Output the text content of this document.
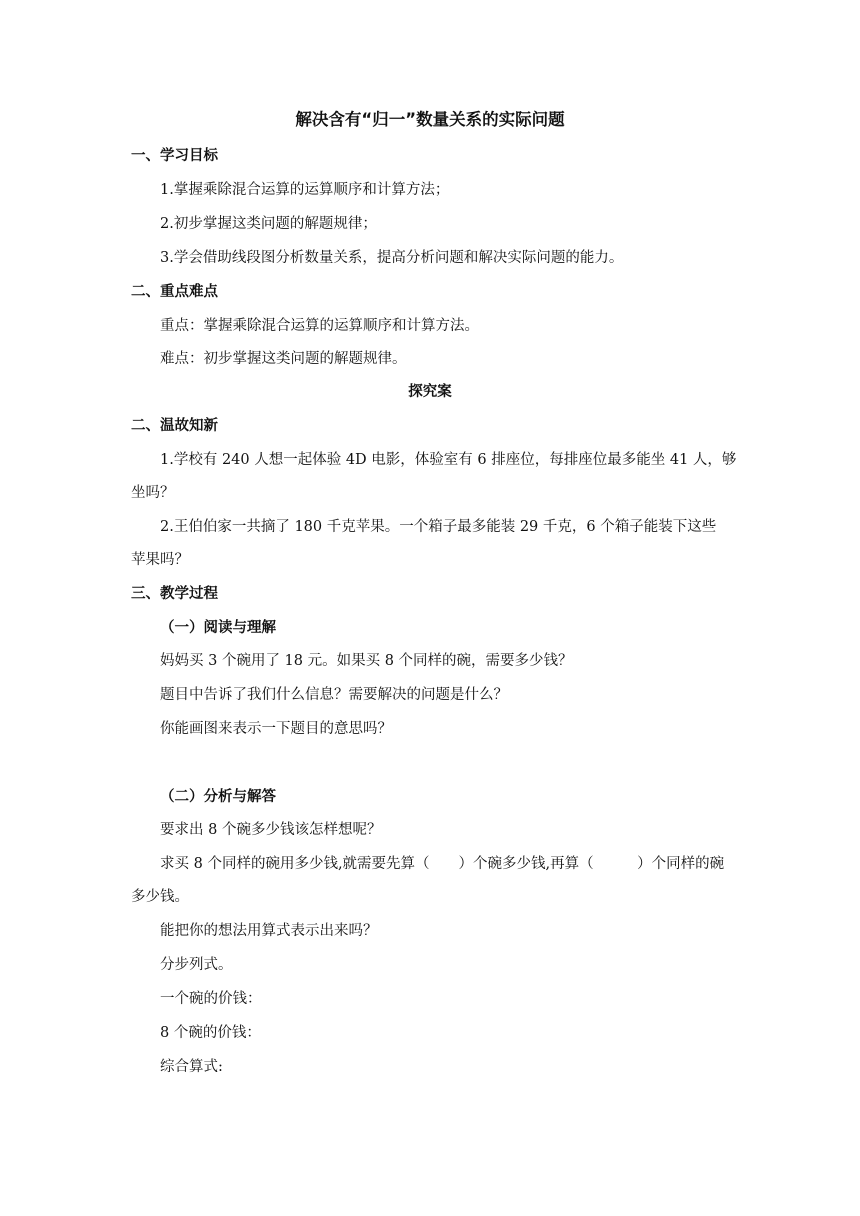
解决含有“归一”数量关系的实际问题
一、学习目标
1.掌握乘除混合运算的运算顺序和计算方法；
2.初步掌握这类问题的解题规律；
3.学会借助线段图分析数量关系，提高分析问题和解决实际问题的能力。
二、重点难点
重点：掌握乘除混合运算的运算顺序和计算方法。
难点：初步掌握这类问题的解题规律。
探究案
二、温故知新
1.学校有 240 人想一起体验 4D 电影，体验室有 6 排座位，每排座位最多能坐 41 人，够
坐吗？
2.王伯伯家一共摘了 180 千克苹果。一个箱子最多能装 29 千克，6 个箱子能装下这些
苹果吗？
三、教学过程
（一）阅读与理解
妈妈买 3 个碗用了 18 元。如果买 8 个同样的碗，需要多少钱？
题目中告诉了我们什么信息？需要解决的问题是什么？
你能画图来表示一下题目的意思吗？
（二）分析与解答
要求出 8 个碗多少钱该怎样想呢？
求买 8 个同样的碗用多少钱,就需要先算（　　）个碗多少钱,再算（　　　）个同样的碗
多少钱。
能把你的想法用算式表示出来吗？
分步列式。
一个碗的价钱：
8 个碗的价钱：
综合算式:
